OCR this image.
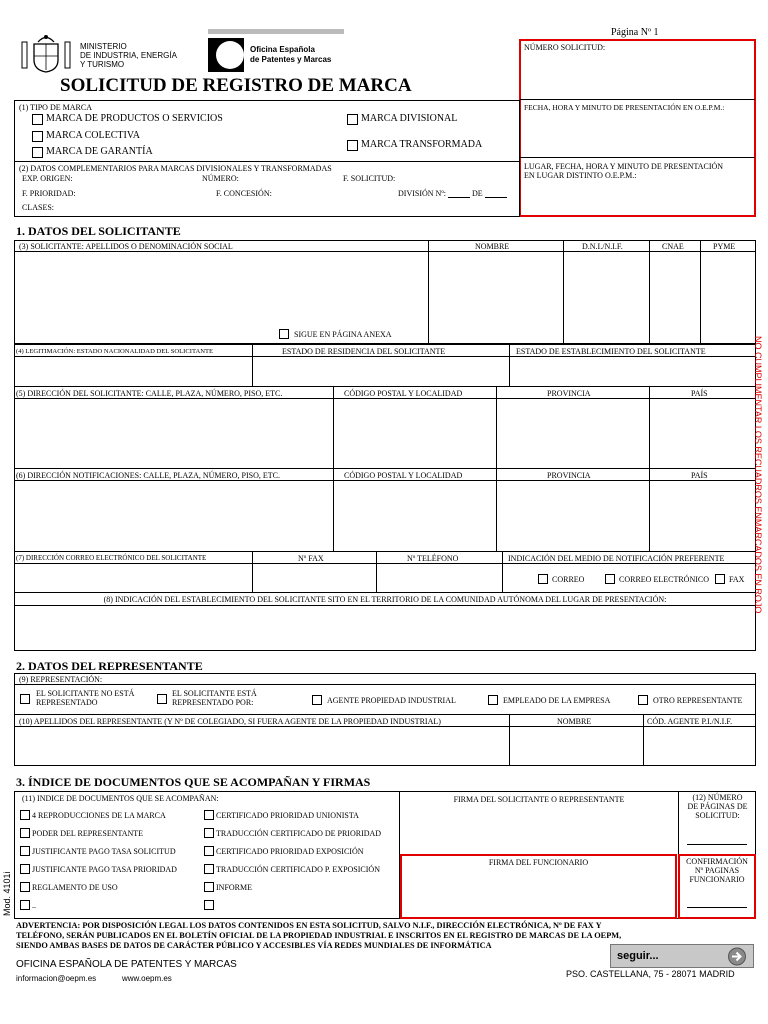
MINISTERIO
DE INDUSTRIA, ENERGÍA
Y TURISMO
Oficina Española
de Patentes y Marcas
Página Nº 1
SOLICITUD DE REGISTRO DE MARCA
NÚMERO SOLICITUD:
FECHA, HORA Y MINUTO DE PRESENTACIÓN EN O.E.P.M.:
LUGAR, FECHA, HORA Y MINUTO DE PRESENTACIÓN
EN LUGAR DISTINTO O.E.P.M.:
(1) TIPO DE MARCA
MARCA DE PRODUCTOS O SERVICIOS
MARCA COLECTIVA
MARCA DE GARANTÍA
MARCA DIVISIONAL
MARCA TRANSFORMADA
(2) DATOS COMPLEMENTARIOS PARA MARCAS DIVISIONALES Y TRANSFORMADAS
EXP. ORIGEN:	NÚMERO:	F. SOLICITUD:
F. PRIORIDAD:	F. CONCESIÓN:	DIVISIÓN Nº:	DE
CLASES:
1. DATOS DEL SOLICITANTE
(3) SOLICITANTE: APELLIDOS O DENOMINACIÓN SOCIAL	NOMBRE	D.N.I./N.I.F.	CNAE	PYME
SIGUE EN PÁGINA ANEXA
(4) LEGITIMACIÓN: ESTADO NACIONALIDAD DEL SOLICITANTE	ESTADO DE RESIDENCIA DEL SOLICITANTE	ESTADO DE ESTABLECIMIENTO DEL SOLICITANTE
(5) DIRECCIÓN DEL SOLICITANTE: CALLE, PLAZA, NÚMERO, PISO, ETC.	CÓDIGO POSTAL Y LOCALIDAD	PROVINCIA	PAÍS
(6) DIRECCIÓN NOTIFICACIONES: CALLE, PLAZA, NÚMERO, PISO, ETC.	CÓDIGO POSTAL Y LOCALIDAD	PROVINCIA	PAÍS
(7) DIRECCIÓN CORREO ELECTRÓNICO DEL SOLICITANTE	Nº FAX	Nº TELÉFONO	INDICACIÓN DEL MEDIO DE NOTIFICACIÓN PREFERENTE
CORREO	CORREO ELECTRÓNICO	FAX
(8) INDICACIÓN DEL ESTABLECIMIENTO DEL SOLICITANTE SITO EN EL TERRITORIO DE LA COMUNIDAD AUTÓNOMA DEL LUGAR DE PRESENTACIÓN:	NO CUMPLIMENTAR LOS RECUADROS ENMARCADOS EN ROJO
2. DATOS DEL REPRESENTANTE
(9) REPRESENTACIÓN:
EL SOLICITANTE NO ESTÁ
REPRESENTADO
EL SOLICITANTE ESTÁ
REPRESENTADO POR:	AGENTE PROPIEDAD INDUSTRIAL	EMPLEADO DE LA EMPRESA	OTRO REPRESENTANTE
(10) APELLIDOS DEL REPRESENTANTE (Y Nº DE COLEGIADO, SI FUERA AGENTE DE LA PROPIEDAD INDUSTRIAL)	NOMBRE	CÓD. AGENTE P.I./N.I.F.
3. ÍNDICE DE DOCUMENTOS QUE SE ACOMPAÑAN Y FIRMAS
(11) INDICE DE DOCUMENTOS QUE SE ACOMPAÑAN:
4 REPRODUCCIONES DE LA MARCA
PODER DEL REPRESENTANTE
JUSTIFICANTE PAGO TASA SOLICITUD
JUSTIFICANTE PAGO TASA PRIORIDAD
REGLAMENTO DE USO
..
CERTIFICADO PRIORIDAD UNIONISTA
TRADUCCIÓN CERTIFICADO DE PRIORIDAD
CERTIFICADO PRIORIDAD EXPOSICIÓN
TRADUCCIÓN CERTIFICADO P. EXPOSICIÓN
INFORME
FIRMA DEL SOLICITANTE O REPRESENTANTE	(12) NÚMERO
DE PÁGINAS DE
SOLICITUD:
FIRMA DEL FUNCIONARIO	CONFIRMACIÓN
Nº PAGINAS
FUNCIONARIO
Mod. 4101i
ADVERTENCIA: POR DISPOSICIÓN LEGAL LOS DATOS CONTENIDOS EN ESTA SOLICITUD, SALVO N.I.F., DIRECCIÓN ELECTRÓNICA, Nº DE FAX Y
TELÉFONO, SERÁN PUBLICADOS EN EL BOLETÍN OFICIAL DE LA PROPIEDAD INDUSTRIAL E INSCRITOS EN EL REGISTRO DE MARCAS DE LA OEPM,
SIENDO AMBAS BASES DE DATOS DE CARÁCTER PÚBLICO Y ACCESIBLES VÍA REDES MUNDIALES DE INFORMÁTICA
OFICINA ESPAÑOLA DE PATENTES Y MARCAS
informacion@oepm.es	www.oepm.es	PSO. CASTELLANA, 75 - 28071 MADRID
seguir...
